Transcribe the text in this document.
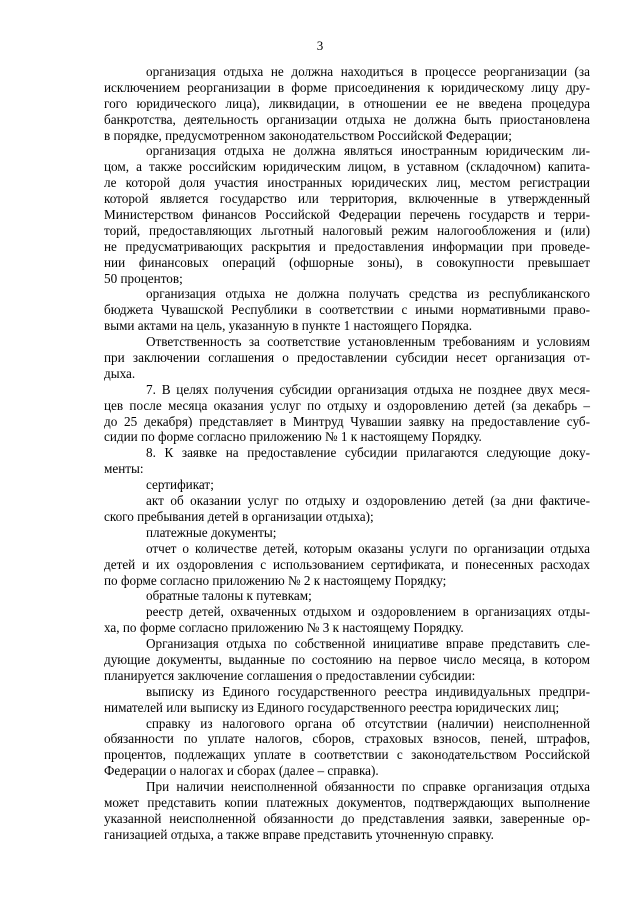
3
организация отдыха не должна находиться в процессе реорганизации (за
исключением реорганизации в форме присоединения к юридическому лицу дру-
гого юридического лица), ликвидации, в отношении ее не введена процедура
банкротства, деятельность организации отдыха не должна быть приостановлена
в порядке, предусмотренном законодательством Российской Федерации;
организация отдыха не должна являться иностранным юридическим ли-
цом, а также российским юридическим лицом, в уставном (складочном) капита-
ле которой доля участия иностранных юридических лиц, местом регистрации
которой является государство или территория, включенные в утвержденный
Министерством финансов Российской Федерации перечень государств и терри-
торий, предоставляющих льготный налоговый режим налогообложения и (или)
не предусматривающих раскрытия и предоставления информации при проведе-
нии финансовых операций (офшорные зоны), в совокупности превышает
50 процентов;
организация отдыха не должна получать средства из республиканского
бюджета Чувашской Республики в соответствии с иными нормативными право-
выми актами на цель, указанную в пункте 1 настоящего Порядка.
Ответственность за соответствие установленным требованиям и условиям
при заключении соглашения о предоставлении субсидии несет организация от-
дыха.
7. В целях получения субсидии организация отдыха не позднее двух меся-
цев после месяца оказания услуг по отдыху и оздоровлению детей (за декабрь –
до 25 декабря) представляет в Минтруд Чувашии заявку на предоставление суб-
сидии по форме согласно приложению № 1 к настоящему Порядку.
8. К заявке на предоставление субсидии прилагаются следующие доку-
менты:
сертификат;
акт об оказании услуг по отдыху и оздоровлению детей (за дни фактиче-
ского пребывания детей в организации отдыха);
платежные документы;
отчет о количестве детей, которым оказаны услуги по организации отдыха
детей и их оздоровления с использованием сертификата, и понесенных расходах
по форме согласно приложению № 2 к настоящему Порядку;
обратные талоны к путевкам;
реестр детей, охваченных отдыхом и оздоровлением в организациях отды-
ха, по форме согласно приложению № 3 к настоящему Порядку.
Организация отдыха по собственной инициативе вправе представить сле-
дующие документы, выданные по состоянию на первое число месяца, в котором
планируется заключение соглашения о предоставлении субсидии:
выписку из Единого государственного реестра индивидуальных предпри-
нимателей или выписку из Единого государственного реестра юридических лиц;
справку из налогового органа об отсутствии (наличии) неисполненной
обязанности по уплате налогов, сборов, страховых взносов, пеней, штрафов,
процентов, подлежащих уплате в соответствии с законодательством Российской
Федерации о налогах и сборах (далее – справка).
При наличии неисполненной обязанности по справке организация отдыха
может представить копии платежных документов, подтверждающих выполнение
указанной неисполненной обязанности до представления заявки, заверенные ор-
ганизацией отдыха, а также вправе представить уточненную справку.
